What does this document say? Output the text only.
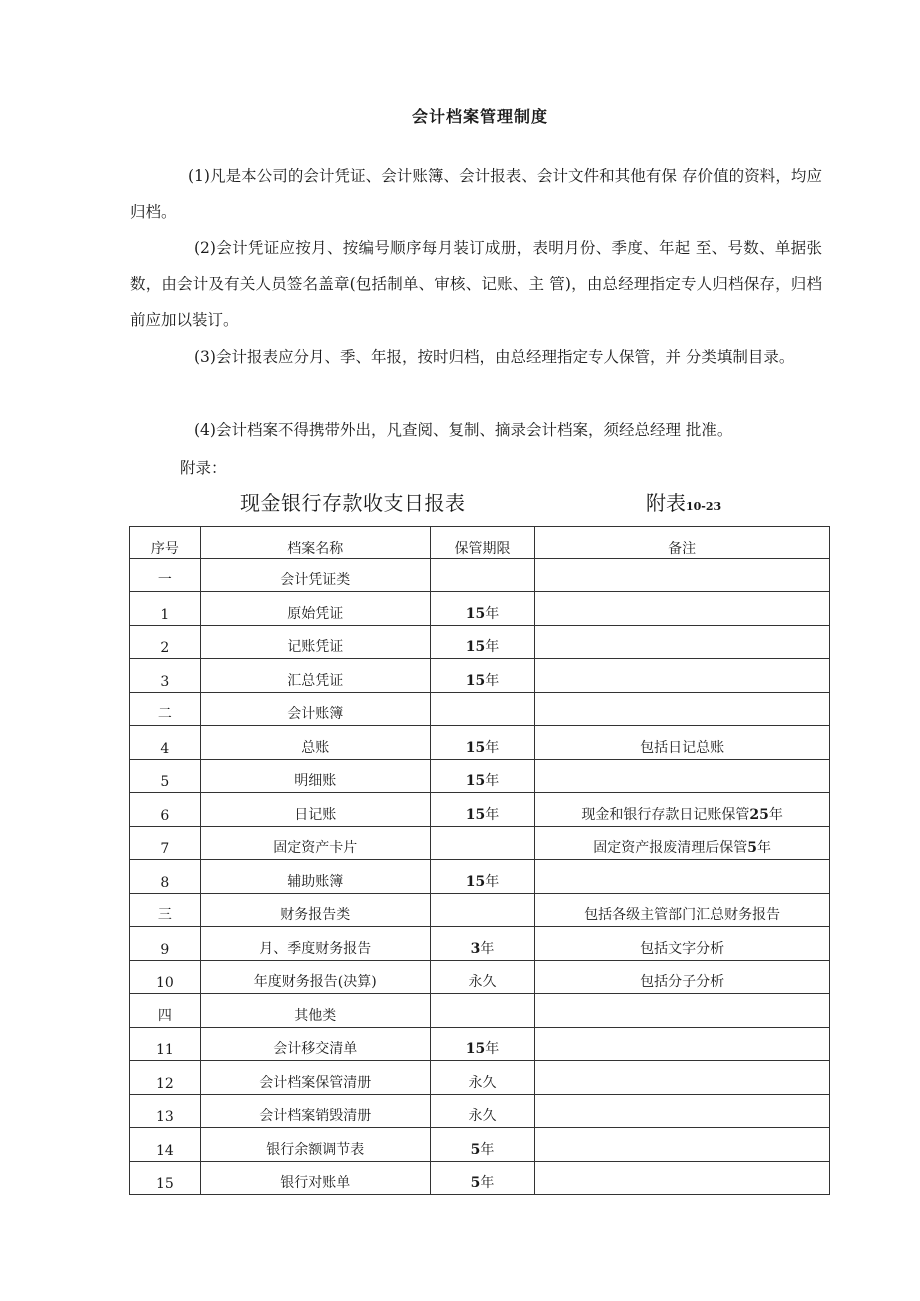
会计档案管理制度
(1)凡是本公司的会计凭证、会计账簿、会计报表、会计文件和其他有保 存价值的资料，均应归档。
(2)会计凭证应按月、按编号顺序每月装订成册，表明月份、季度、年起 至、号数、单据张数，由会计及有关人员签名盖章(包括制单、审核、记账、主 管)，由总经理指定专人归档保存，归档前应加以装订。
(3)会计报表应分月、季、年报，按时归档，由总经理指定专人保管，并 分类填制目录。
(4)会计档案不得携带外出，凡查阅、复制、摘录会计档案，须经总经理 批准。
附录：
现金银行存款收支日报表	附表10-23
序号	档案名称	保管期限	备注
一	会计凭证类		
1	原始凭证	15年	
2	记账凭证	15年	
3	汇总凭证	15年	
二	会计账簿		
4	总账	15年	包括日记总账
5	明细账	15年	
6	日记账	15年	现金和银行存款日记账保管25年
7	固定资产卡片		固定资产报废清理后保管5年
8	辅助账簿	15年	
三	财务报告类		包括各级主管部门汇总财务报告
9	月、季度财务报告	3年	包括文字分析
10	年度财务报告(决算)	永久	包括分子分析
四	其他类		
11	会计移交清单	15年	
12	会计档案保管清册	永久	
13	会计档案销毁清册	永久	
14	银行余额调节表	5年	
15	银行对账单	5年	
